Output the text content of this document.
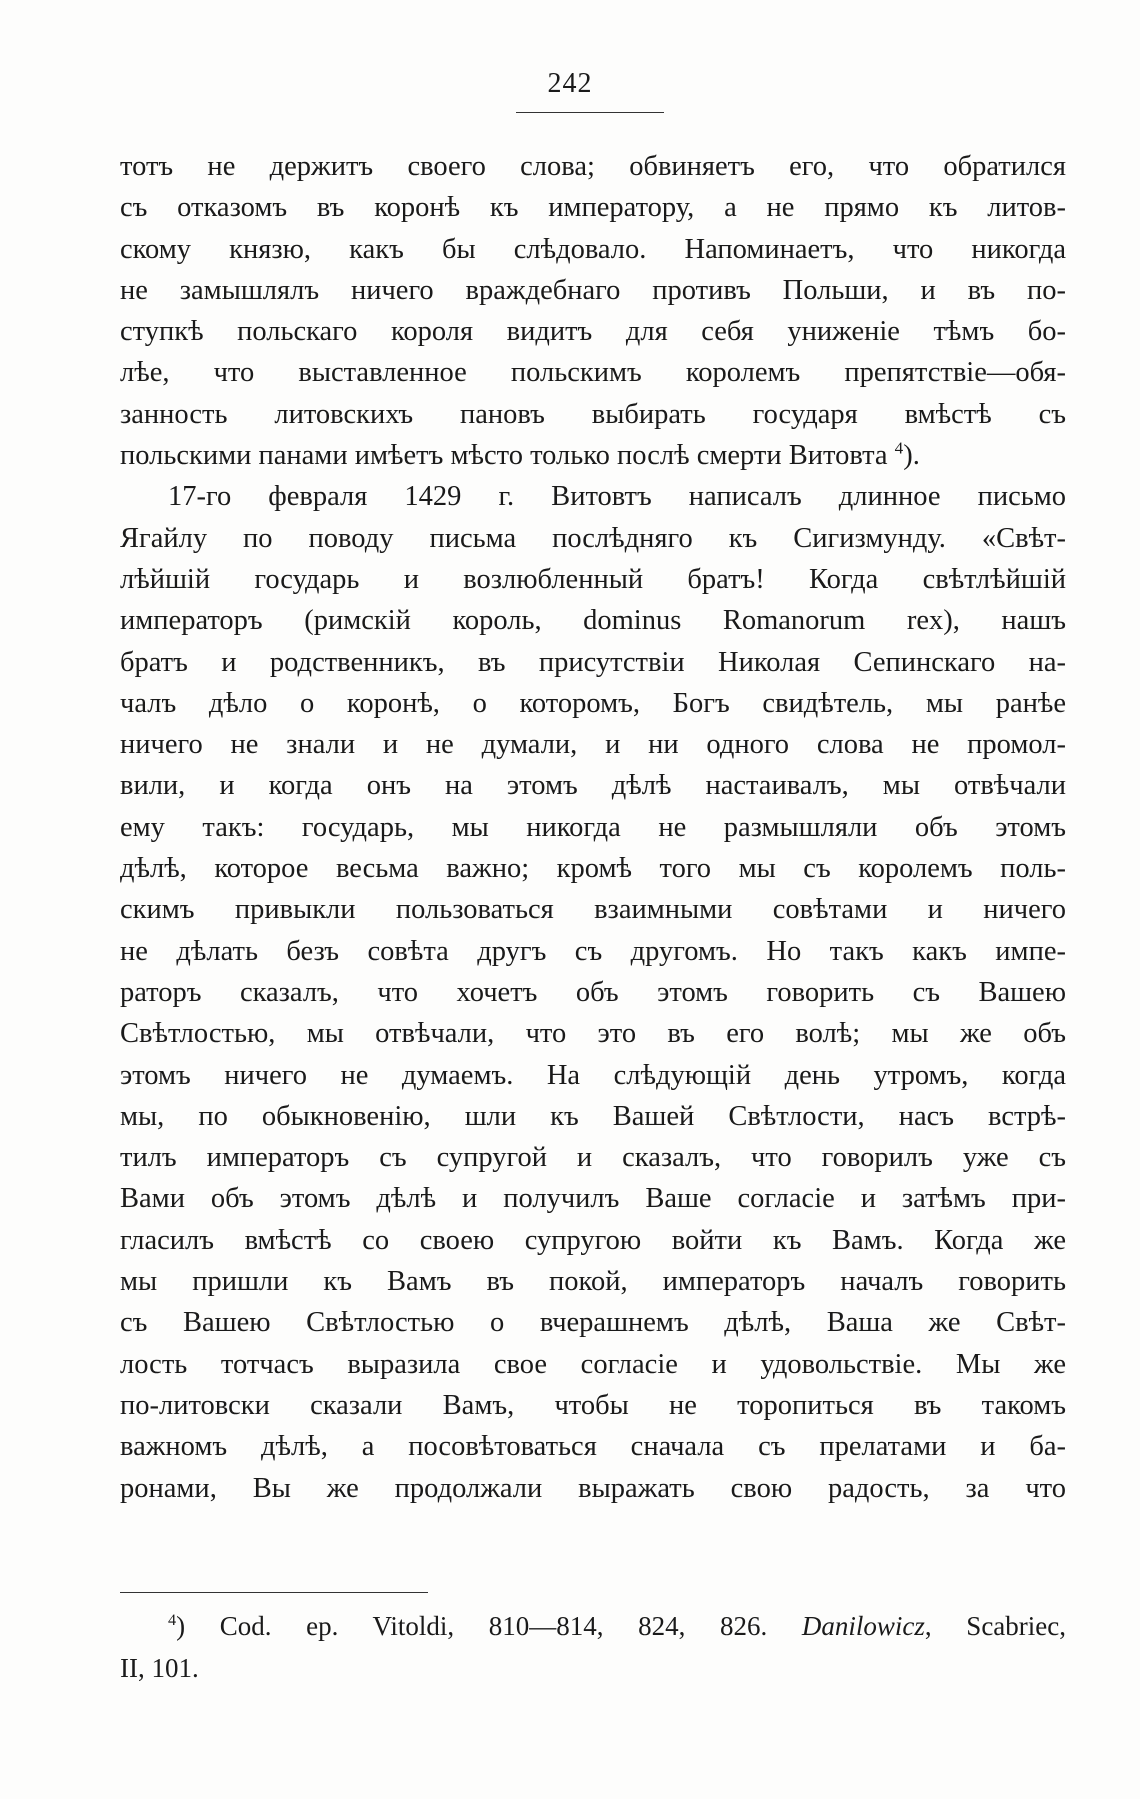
242
тотъ не держитъ своего слова; обвиняетъ его, что обратился
съ отказомъ въ коронѣ къ императору, а не прямо къ литов-
скому князю, какъ бы слѣдовало. Напоминаетъ, что никогда
не замышлялъ ничего враждебнаго противъ Польши, и въ по-
ступкѣ польскаго короля видитъ для себя униженіе тѣмъ бо-
лѣе, что выставленное польскимъ королемъ препятствіе—обя-
занность литовскихъ пановъ выбирать государя вмѣстѣ съ
польскими панами имѣетъ мѣсто только послѣ смерти Витовта $^4$).
17-го февраля 1429 г. Витовтъ написалъ длинное письмо
Ягайлу по поводу письма послѣдняго къ Сигизмунду. «Свѣт-
лѣйшій государь и возлюбленный братъ! Когда свѣтлѣйшій
императоръ (римскій король, dominus Romanorum rex), нашъ
братъ и родственникъ, въ присутствіи Николая Сепинскаго на-
чалъ дѣло о коронѣ, о которомъ, Богъ свидѣтель, мы ранѣе
ничего не знали и не думали, и ни одного слова не промол-
вили, и когда онъ на этомъ дѣлѣ настаивалъ, мы отвѣчали
ему такъ: государь, мы никогда не размышляли объ этомъ
дѣлѣ, которое весьма важно; кромѣ того мы съ королемъ поль-
скимъ привыкли пользоваться взаимными совѣтами и ничего
не дѣлать безъ совѣта другъ съ другомъ. Но такъ какъ импе-
раторъ сказалъ, что хочетъ объ этомъ говорить съ Вашею
Свѣтлостью, мы отвѣчали, что это въ его волѣ; мы же объ
этомъ ничего не думаемъ. На слѣдующій день утромъ, когда
мы, по обыкновенію, шли къ Вашей Свѣтлости, насъ встрѣ-
тилъ императоръ съ супругой и сказалъ, что говорилъ уже съ
Вами объ этомъ дѣлѣ и получилъ Ваше согласіе и затѣмъ при-
гласилъ вмѣстѣ со своею супругою войти къ Вамъ. Когда же
мы пришли къ Вамъ въ покой, императоръ началъ говорить
съ Вашею Свѣтлостью о вчерашнемъ дѣлѣ, Ваша же Свѣт-
лость тотчасъ выразила свое согласіе и удовольствіе. Мы же
по-литовски сказали Вамъ, чтобы не торопиться въ такомъ
важномъ дѣлѣ, а посовѣтоваться сначала съ прелатами и ба-
ронами, Вы же продолжали выражать свою радость, за что
$^4$) Cod. ep. Vitoldi, 810—814, 824, 826. Danilowicz, Scabriec,
II, 101.
